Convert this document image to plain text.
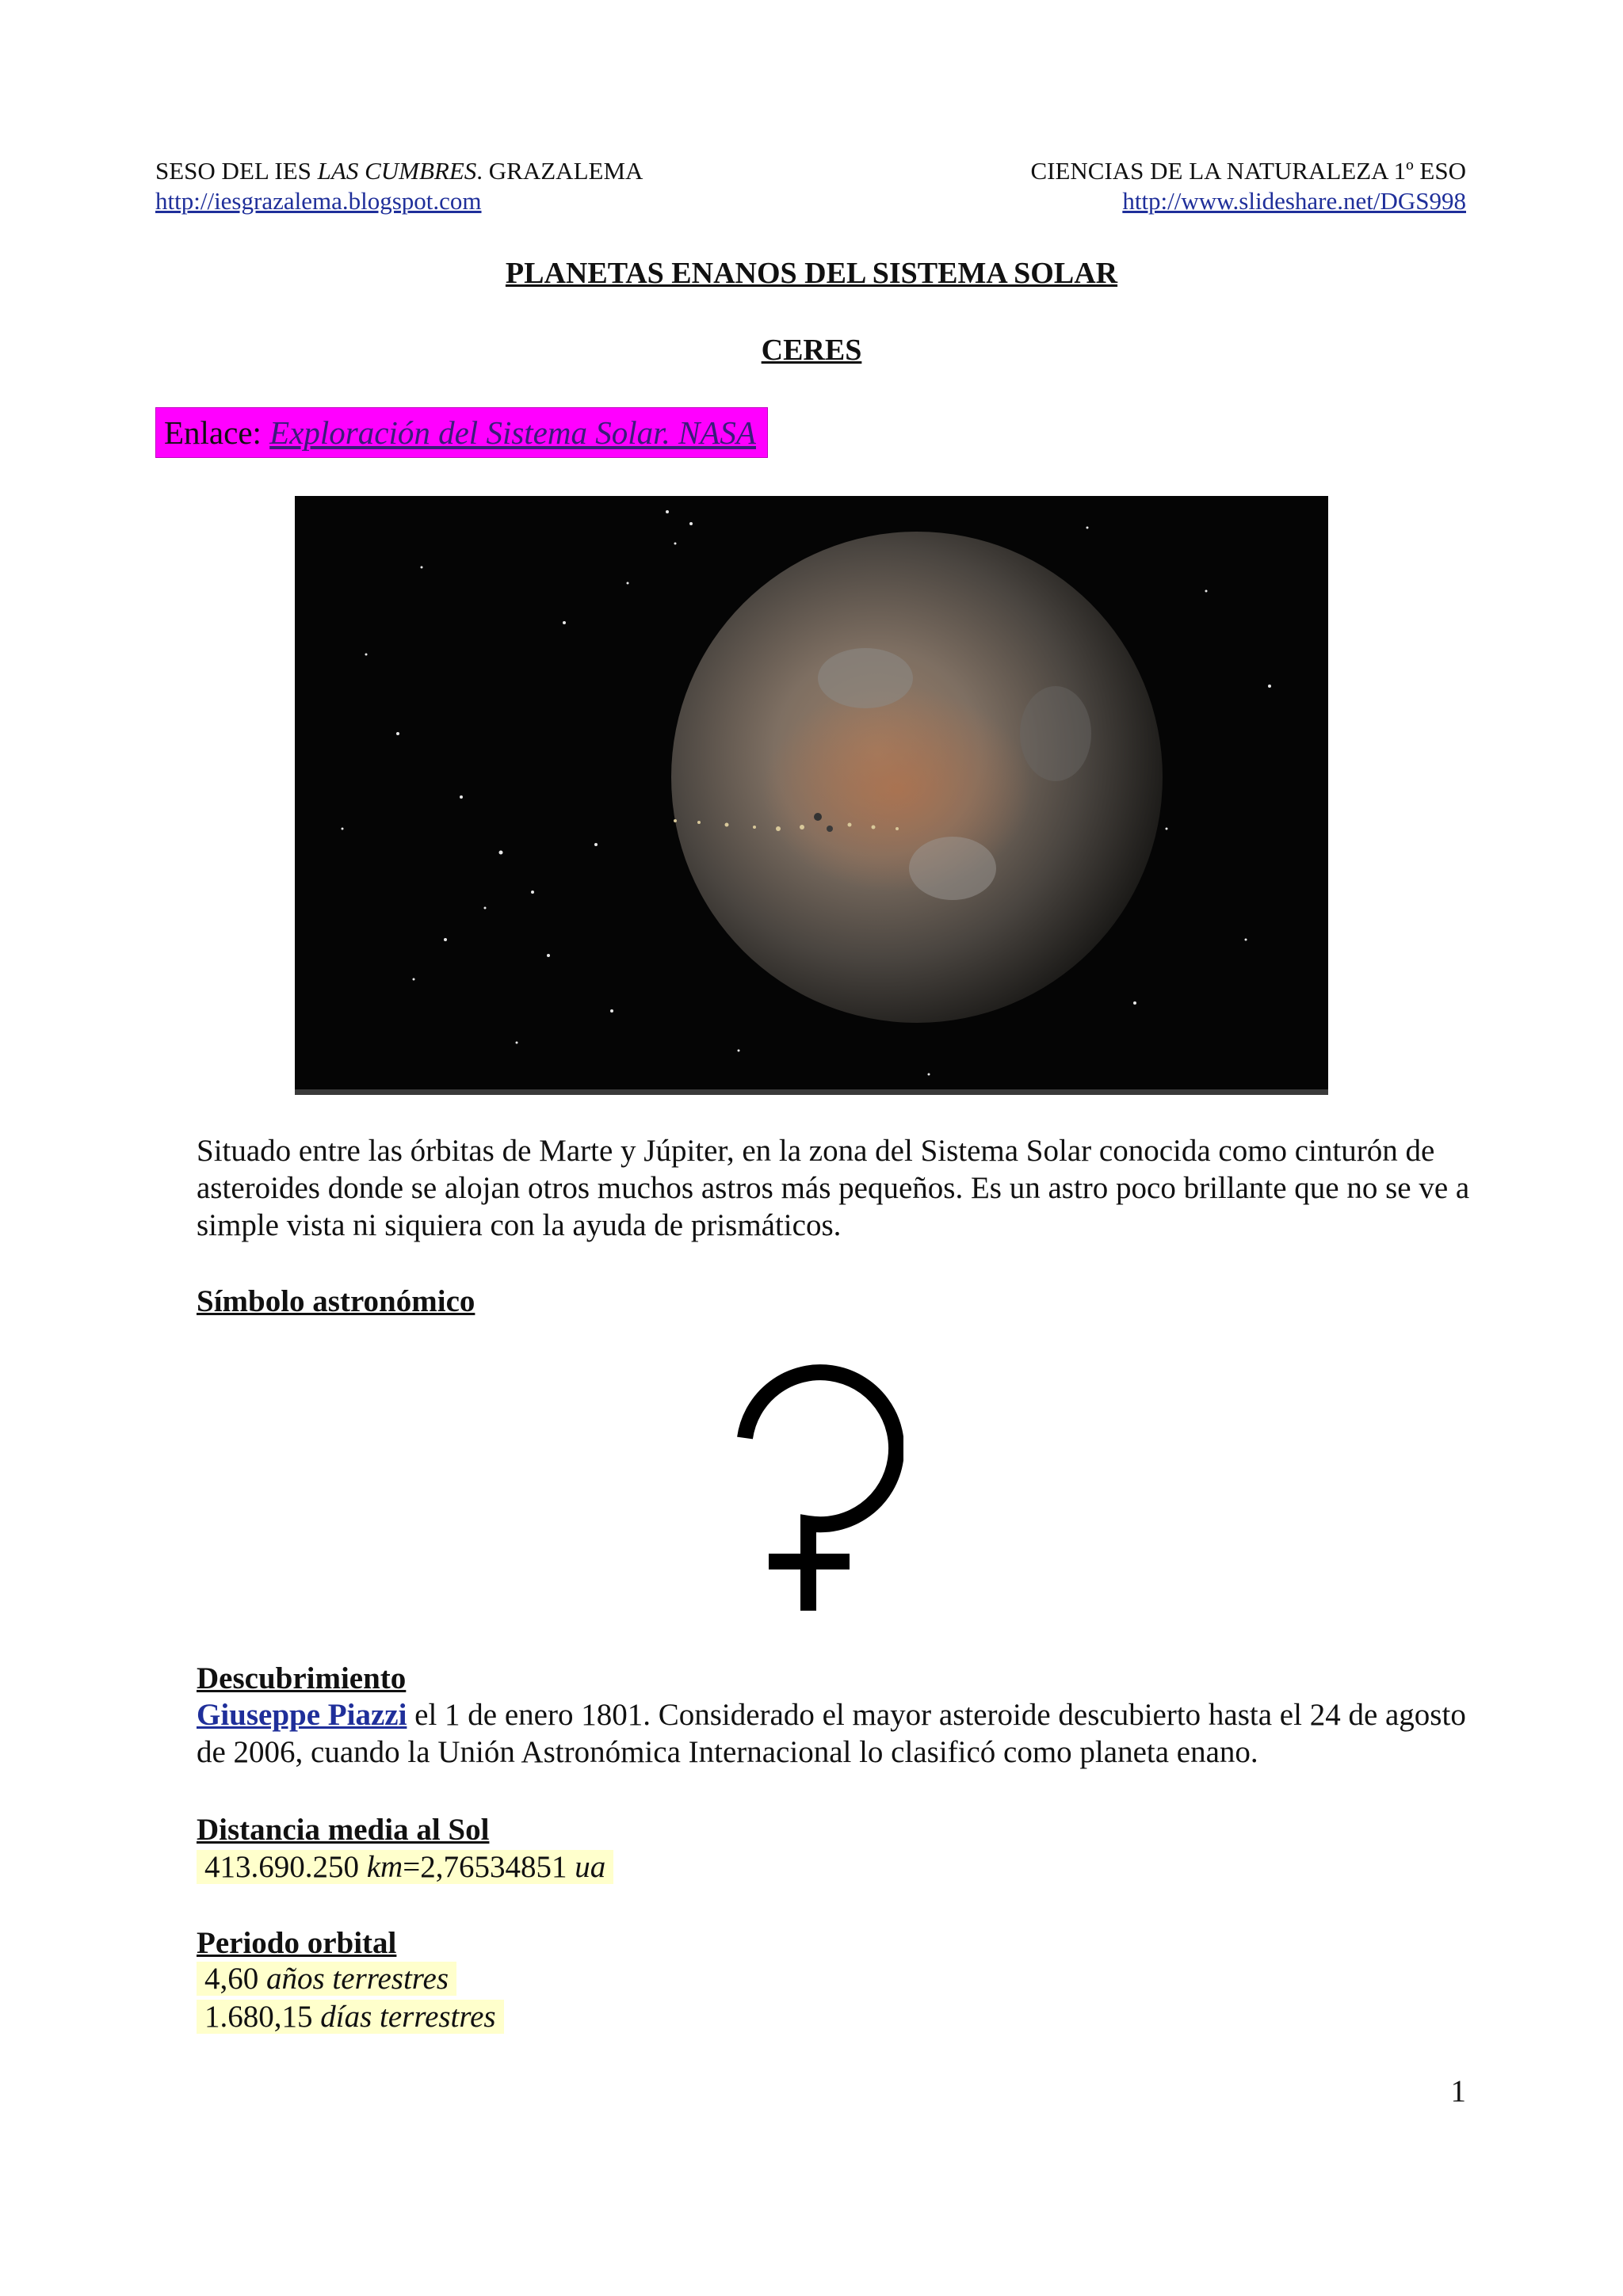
SESO DEL IES LAS CUMBRES. GRAZALEMA
http://iesgrazalema.blogspot.com
CIENCIAS DE LA NATURALEZA 1º ESO
http://www.slideshare.net/DGS998
PLANETAS ENANOS DEL SISTEMA SOLAR
CERES
Enlace: Exploración del Sistema Solar. NASA
Situado entre las órbitas de Marte y Júpiter, en la zona del Sistema Solar conocida como cinturón de asteroides donde se alojan otros muchos astros más pequeños. Es un astro poco brillante que no se ve a simple vista ni siquiera con la ayuda de prismáticos.
Símbolo astronómico
Descubrimiento
Giuseppe Piazzi el 1 de enero 1801. Considerado el mayor asteroide descubierto hasta el 24 de agosto de 2006, cuando la Unión Astronómica Internacional lo clasificó como planeta enano.
Distancia media al Sol
413.690.250 km=2,76534851 ua
Periodo orbital
4,60 años terrestres
1.680,15 días terrestres
1
